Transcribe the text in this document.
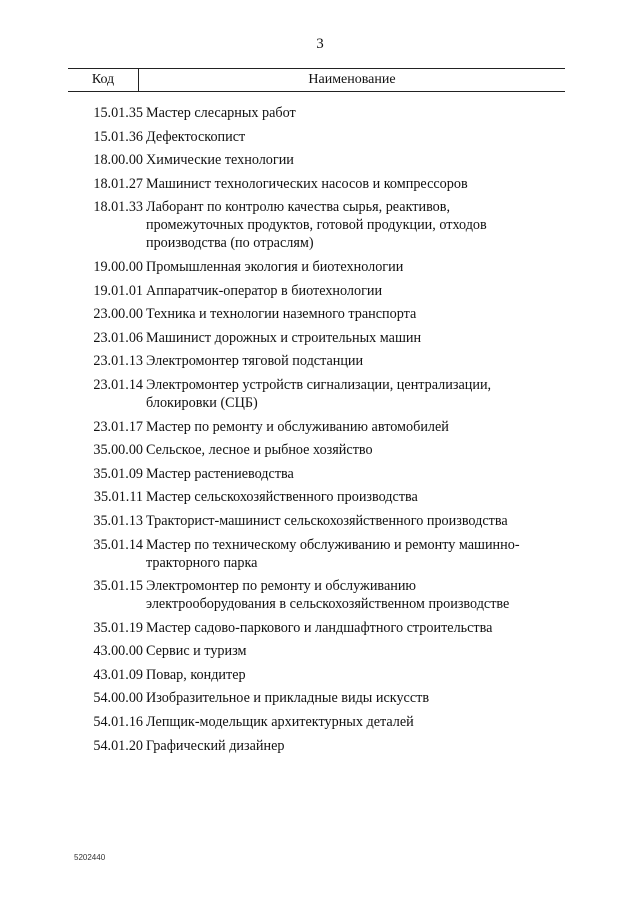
3
Код	Наименование
15.01.35 Мастер слесарных работ
15.01.36 Дефектоскопист
18.00.00 Химические технологии
18.01.27 Машинист технологических насосов и компрессоров
18.01.33 Лаборант по контролю качества сырья, реактивов,
промежуточных продуктов, готовой продукции, отходов
производства (по отраслям)
19.00.00 Промышленная экология и биотехнологии
19.01.01 Аппаратчик-оператор в биотехнологии
23.00.00 Техника и технологии наземного транспорта
23.01.06 Машинист дорожных и строительных машин
23.01.13 Электромонтер тяговой подстанции
23.01.14 Электромонтер устройств сигнализации, централизации,
блокировки (СЦБ)
23.01.17 Мастер по ремонту и обслуживанию автомобилей
35.00.00 Сельское, лесное и рыбное хозяйство
35.01.09 Мастер растениеводства
35.01.11 Мастер сельскохозяйственного производства
35.01.13 Тракторист-машинист сельскохозяйственного производства
35.01.14 Мастер по техническому обслуживанию и ремонту машинно-
тракторного парка
35.01.15 Электромонтер по ремонту и обслуживанию
электрооборудования в сельскохозяйственном производстве
35.01.19 Мастер садово-паркового и ландшафтного строительства
43.00.00 Сервис и туризм
43.01.09 Повар, кондитер
54.00.00 Изобразительное и прикладные виды искусств
54.01.16 Лепщик-модельщик архитектурных деталей
54.01.20 Графический дизайнер
5202440
